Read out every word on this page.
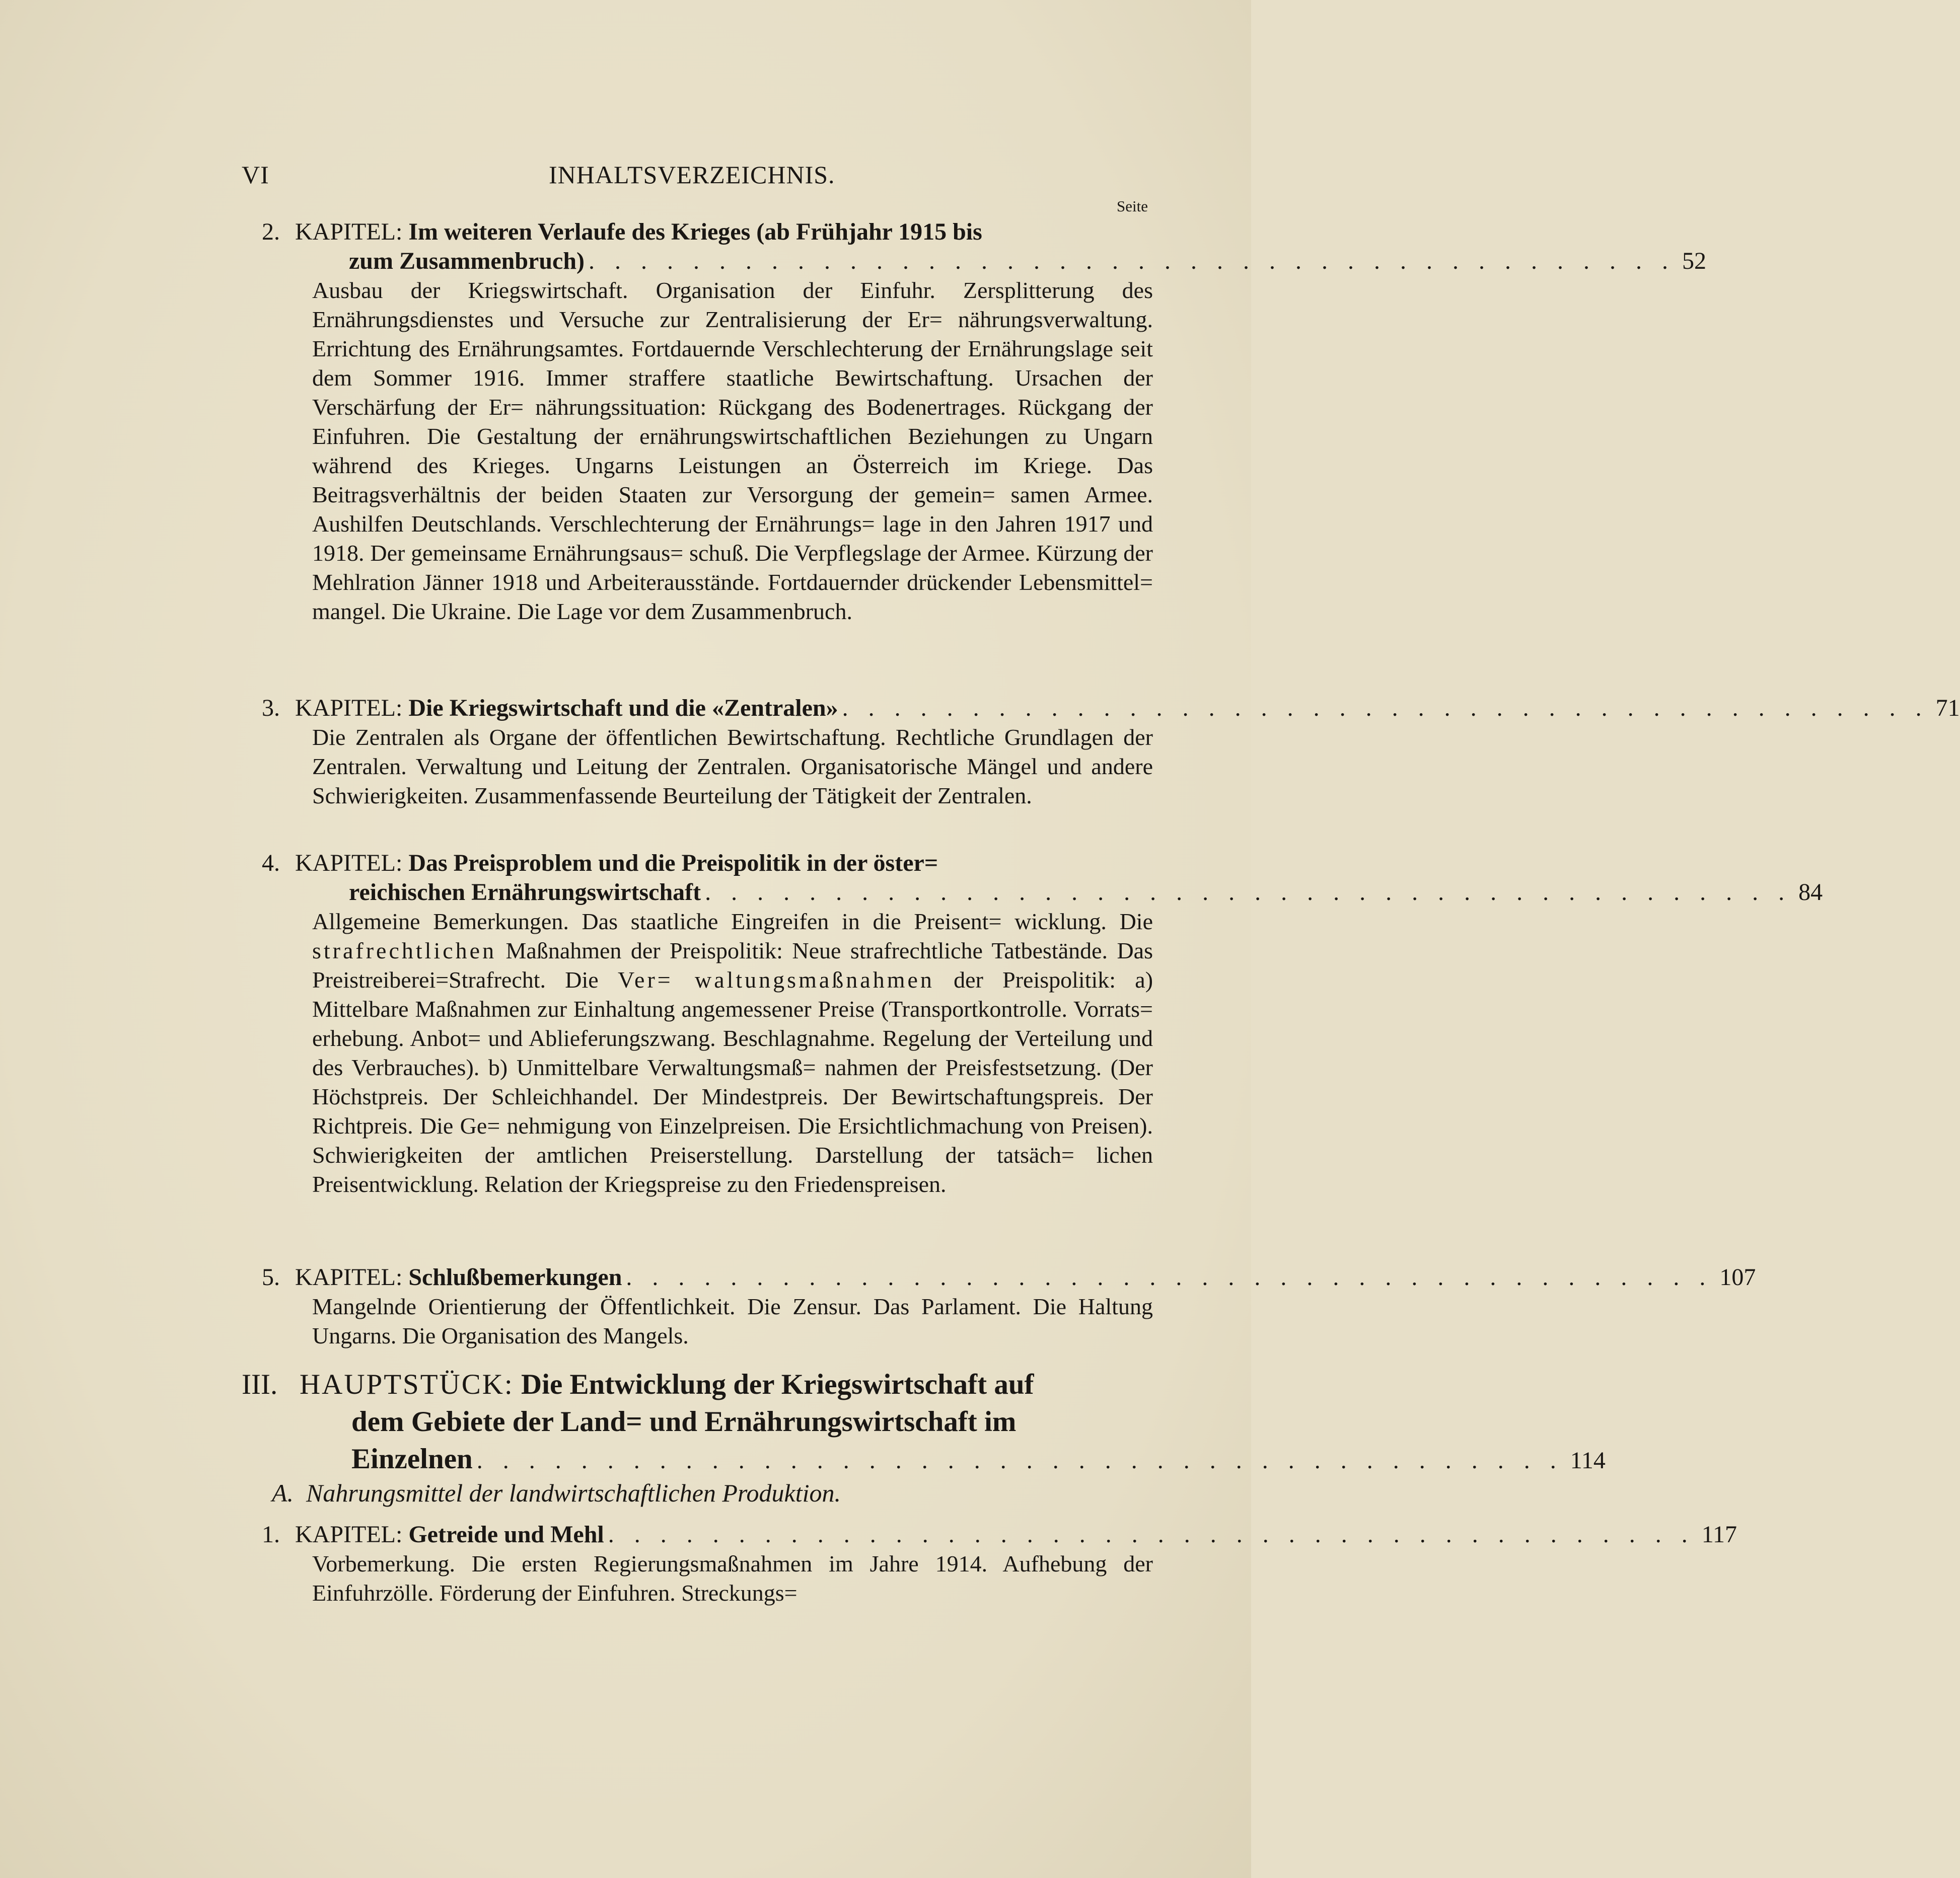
VI	INHALTSVERZEICHNIS.
Seite
2. KAPITEL: Im weiteren Verlaufe des Krieges (ab Frühjahr 1915 bis
zum Zusammenbruch) . . . . . . . . . . . . . . . . . . . . . . . . . . . . . . . . . . . . . . . . . . 52
Ausbau der Kriegswirtschaft. Organisation der Einfuhr. Zersplitterung des Ernährungsdienstes und Versuche zur Zentralisierung der Er= nährungsverwaltung. Errichtung des Ernährungsamtes. Fortdauernde Verschlechterung der Ernährungslage seit dem Sommer 1916. Immer straffere staatliche Bewirtschaftung. Ursachen der Verschärfung der Er= nährungssituation: Rückgang des Bodenertrages. Rückgang der Einfuhren. Die Gestaltung der ernährungswirtschaftlichen Beziehungen zu Ungarn während des Krieges. Ungarns Leistungen an Österreich im Kriege. Das Beitragsverhältnis der beiden Staaten zur Versorgung der gemein= samen Armee. Aushilfen Deutschlands. Verschlechterung der Ernährungs= lage in den Jahren 1917 und 1918. Der gemeinsame Ernährungsaus= schuß. Die Verpflegslage der Armee. Kürzung der Mehlration Jänner 1918 und Arbeiterausstände. Fortdauernder drückender Lebensmittel= mangel. Die Ukraine. Die Lage vor dem Zusammenbruch.
3. KAPITEL: Die Kriegswirtschaft und die «Zentralen» . . . . . . . . . . . . . . . . . . . . . . . . . . . . . . . . . . . . . . . . . . 71
Die Zentralen als Organe der öffentlichen Bewirtschaftung. Rechtliche Grundlagen der Zentralen. Verwaltung und Leitung der Zentralen. Organisatorische Mängel und andere Schwierigkeiten. Zusammenfassende Beurteilung der Tätigkeit der Zentralen.
4. KAPITEL: Das Preisproblem und die Preispolitik in der öster=
reichischen Ernährungswirtschaft . . . . . . . . . . . . . . . . . . . . . . . . . . . . . . . . . . . . . . . . . . 84
Allgemeine Bemerkungen. Das staatliche Eingreifen in die Preisent= wicklung. Die strafrechtlichen Maßnahmen der Preispolitik: Neue strafrechtliche Tatbestände. Das Preistreiberei=Strafrecht. Die Ver= waltungsmaßnahmen der Preispolitik: a) Mittelbare Maßnahmen zur Einhaltung angemessener Preise (Transportkontrolle. Vorrats= erhebung. Anbot= und Ablieferungszwang. Beschlagnahme. Regelung der Verteilung und des Verbrauches). b) Unmittelbare Verwaltungsmaß= nahmen der Preisfestsetzung. (Der Höchstpreis. Der Schleichhandel. Der Mindestpreis. Der Bewirtschaftungspreis. Der Richtpreis. Die Ge= nehmigung von Einzelpreisen. Die Ersichtlichmachung von Preisen). Schwierigkeiten der amtlichen Preiserstellung. Darstellung der tatsäch= lichen Preisentwicklung. Relation der Kriegspreise zu den Friedenspreisen.
5. KAPITEL: Schlußbemerkungen . . . . . . . . . . . . . . . . . . . . . . . . . . . . . . . . . . . . . . . . . . 107
Mangelnde Orientierung der Öffentlichkeit. Die Zensur. Das Parlament. Die Haltung Ungarns. Die Organisation des Mangels.
III. HAUPTSTÜCK: Die Entwicklung der Kriegswirtschaft auf
dem Gebiete der Land= und Ernährungswirtschaft im
Einzelnen . . . . . . . . . . . . . . . . . . . . . . . . . . . . . . . . . . . . . . . . . . 114
A. Nahrungsmittel der landwirtschaftlichen Produktion.
1. KAPITEL: Getreide und Mehl . . . . . . . . . . . . . . . . . . . . . . . . . . . . . . . . . . . . . . . . . . 117
Vorbemerkung. Die ersten Regierungsmaßnahmen im Jahre 1914. Aufhebung der Einfuhrzölle. Förderung der Einfuhren. Streckungs=
